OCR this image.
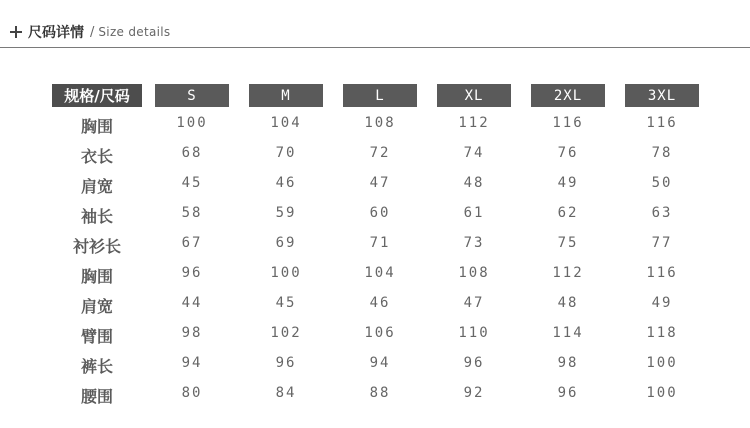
尺码详情 / Size details
规格/尺码	S	M	L	XL	2XL	3XL
胸围	100	104	108	112	116	116
衣长	68	70	72	74	76	78
肩宽	45	46	47	48	49	50
袖长	58	59	60	61	62	63
衬衫长	67	69	71	73	75	77
胸围	96	100	104	108	112	116
肩宽	44	45	46	47	48	49
臂围	98	102	106	110	114	118
裤长	94	96	94	96	98	100
腰围	80	84	88	92	96	100
